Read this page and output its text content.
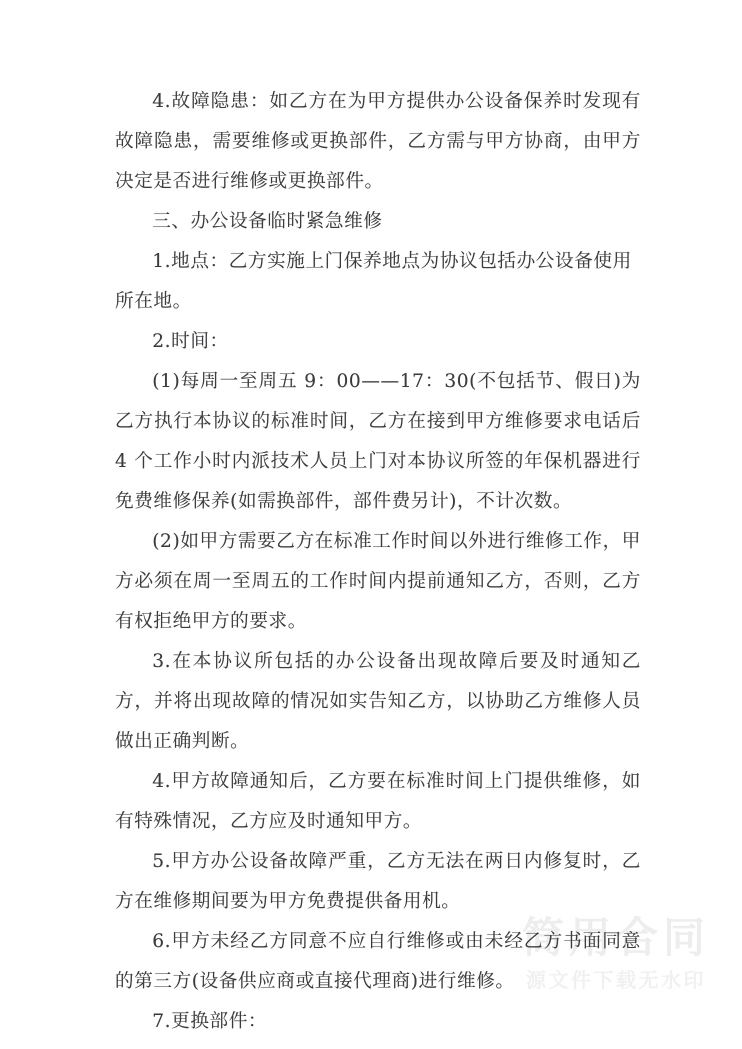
4.故障隐患：如乙方在为甲方提供办公设备保养时发现有故障隐患，需要维修或更换部件，乙方需与甲方协商，由甲方决定是否进行维修或更换部件。

三、办公设备临时紧急维修

1.地点：乙方实施上门保养地点为协议包括办公设备使用所在地。

2.时间：

(1)每周一至周五 9：00——17：30(不包括节、假日)为乙方执行本协议的标准时间，乙方在接到甲方维修要求电话后 4 个工作小时内派技术人员上门对本协议所签的年保机器进行免费维修保养(如需换部件，部件费另计)，不计次数。

(2)如甲方需要乙方在标准工作时间以外进行维修工作，甲方必须在周一至周五的工作时间内提前通知乙方，否则，乙方有权拒绝甲方的要求。

3.在本协议所包括的办公设备出现故障后要及时通知乙方，并将出现故障的情况如实告知乙方，以协助乙方维修人员做出正确判断。

4.甲方故障通知后，乙方要在标准时间上门提供维修，如有特殊情况，乙方应及时通知甲方。

5.甲方办公设备故障严重，乙方无法在两日内修复时，乙方在维修期间要为甲方免费提供备用机。

6.甲方未经乙方同意不应自行维修或由未经乙方书面同意的第三方(设备供应商或直接代理商)进行维修。

7.更换部件：

简用合同
源文件下载无水印
